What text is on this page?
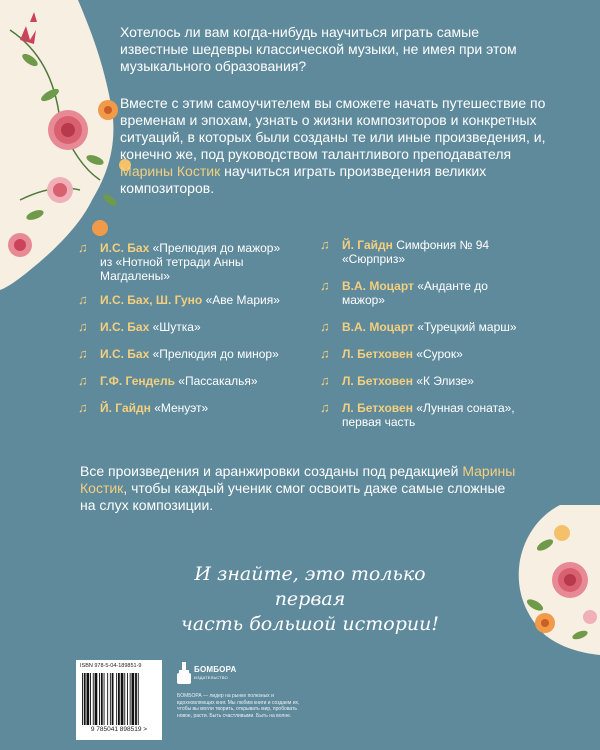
Хотелось ли вам когда-нибудь научиться играть самые известные шедевры классической музыки, не имея при этом музыкального образования?
Вместе с этим самоучителем вы сможете начать путешествие по временам и эпохам, узнать о жизни композиторов и конкретных ситуаций, в которых были созданы те или иные произведения, и, конечно же, под руководством талантливого преподавателя Марины Костик научиться играть произведения великих композиторов.
♫ И.С. Бах «Прелюдия до мажор» из «Нотной тетради Анны Магдалены»
♫ И.С. Бах, Ш. Гуно «Аве Мария»
♫ И.С. Бах «Шутка»
♫ И.С. Бах «Прелюдия до минор»
♫ Г.Ф. Гендель «Пассакалья»
♫ Й. Гайдн «Менуэт»
♫ Й. Гайдн Симфония № 94 «Сюрприз»
♫ В.А. Моцарт «Анданте до мажор»
♫ В.А. Моцарт «Турецкий марш»
♫ Л. Бетховен «Сурок»
♫ Л. Бетховен «К Элизе»
♫ Л. Бетховен «Лунная соната», первая часть
Все произведения и аранжировки созданы под редакцией Марины Костик, чтобы каждый ученик смог освоить даже самые сложные на слух композиции.
И знайте, это только первая
часть большой истории!
ISBN 978-5-04-189851-9
9 785041 898519 >
БОМБОРА
ИЗДАТЕЛЬСТВО
БОМБОРА — лидер на рынке полезных и вдохновляющих книг. Мы любим книги и создаем их, чтобы вы могли творить, открывать мир, пробовать новое, расти. Быть счастливыми. Быть на волне.
